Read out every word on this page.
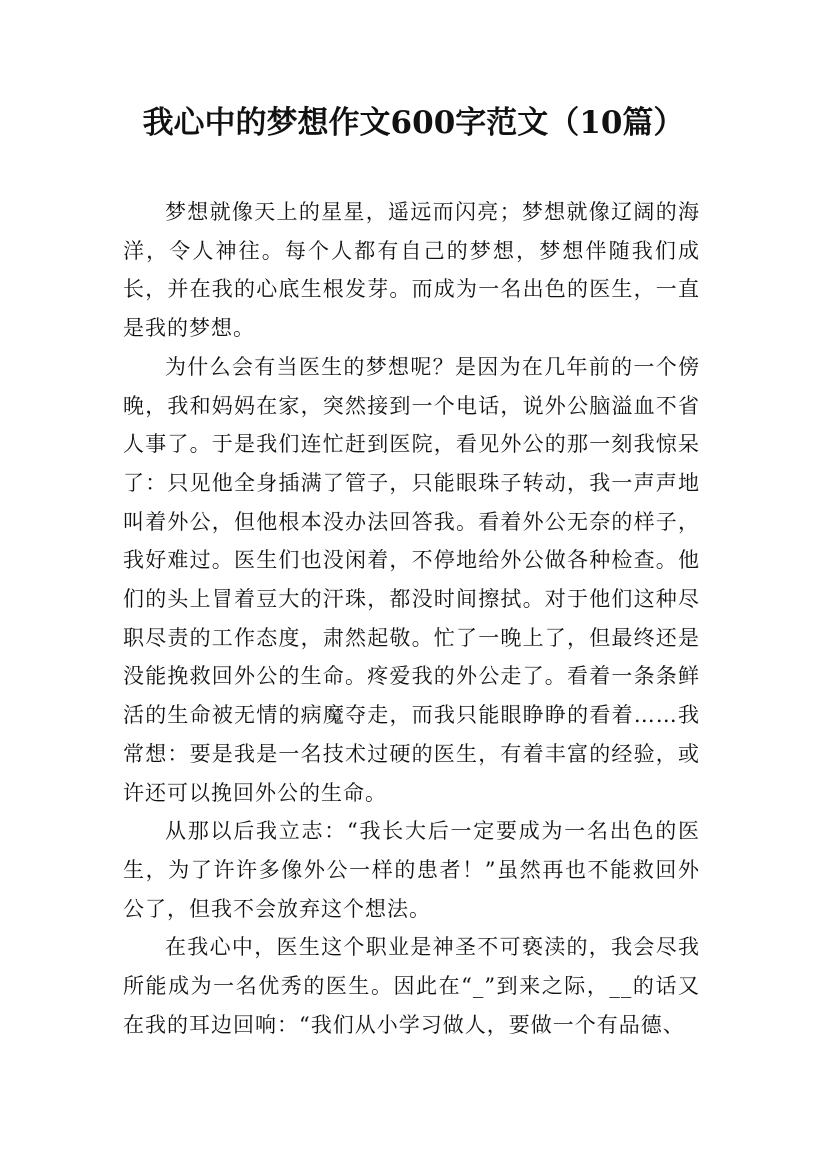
我心中的梦想作文600字范文（10篇）

梦想就像天上的星星，遥远而闪亮；梦想就像辽阔的海洋，令人神往。每个人都有自己的梦想，梦想伴随我们成长，并在我的心底生根发芽。而成为一名出色的医生，一直是我的梦想。

为什么会有当医生的梦想呢？是因为在几年前的一个傍晚，我和妈妈在家，突然接到一个电话，说外公脑溢血不省人事了。于是我们连忙赶到医院，看见外公的那一刻我惊呆了：只见他全身插满了管子，只能眼珠子转动，我一声声地叫着外公，但他根本没办法回答我。看着外公无奈的样子，我好难过。医生们也没闲着，不停地给外公做各种检查。他们的头上冒着豆大的汗珠，都没时间擦拭。对于他们这种尽职尽责的工作态度，肃然起敬。忙了一晚上了，但最终还是没能挽救回外公的生命。疼爱我的外公走了。看着一条条鲜活的生命被无情的病魔夺走，而我只能眼睁睁的看着……我常想：要是我是一名技术过硬的医生，有着丰富的经验，或许还可以挽回外公的生命。

从那以后我立志：“我长大后一定要成为一名出色的医生，为了许许多像外公一样的患者！”虽然再也不能救回外公了，但我不会放弃这个想法。

在我心中，医生这个职业是神圣不可亵渎的，我会尽我所能成为一名优秀的医生。因此在“_”到来之际，__的话又在我的耳边回响：“我们从小学习做人，要做一个有品德、
